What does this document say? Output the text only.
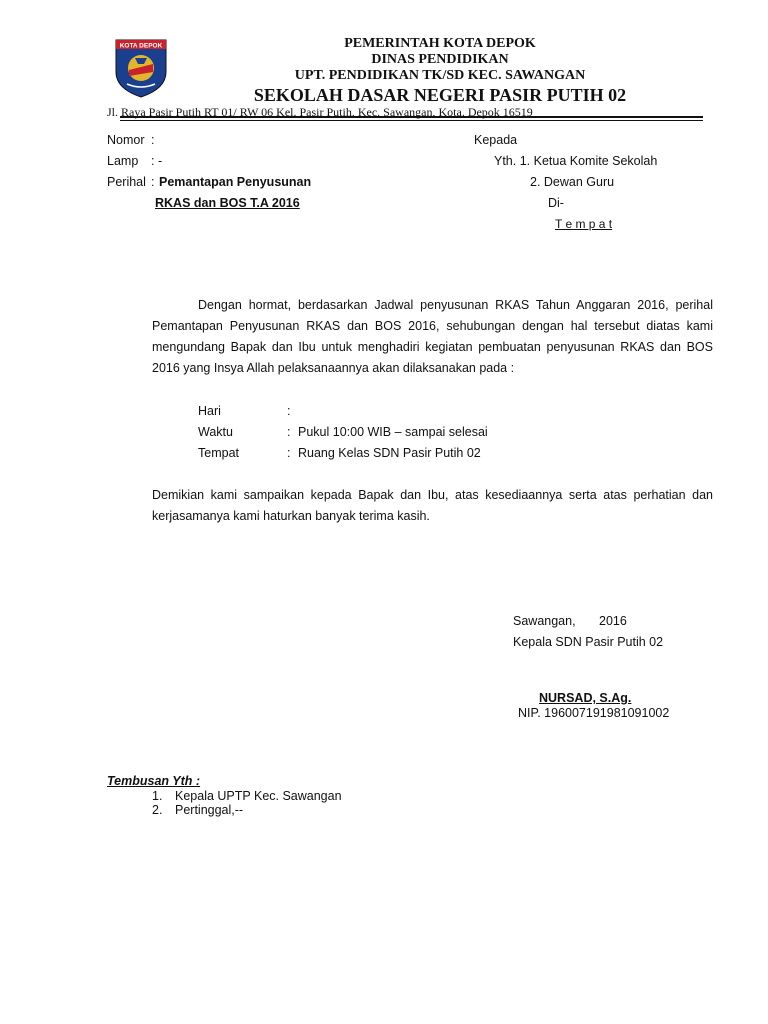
KOTA DEPOK	PEMERINTAH KOTA DEPOK
DINAS PENDIDIKAN
UPT. PENDIDIKAN TK/SD KEC. SAWANGAN
SEKOLAH DASAR NEGERI PASIR PUTIH 02
Jl. Raya Pasir Putih RT 01/ RW 06 Kel. Pasir Putih, Kec. Sawangan, Kota. Depok 16519
Nomor :
Lamp : -
Perihal : Pemantapan Penyusunan
RKAS dan BOS T.A 2016
Kepada
Yth. 1. Ketua Komite Sekolah
2. Dewan Guru
Di-
T e m p a t
Dengan hormat, berdasarkan Jadwal penyusunan RKAS Tahun Anggaran 2016, perihal Pemantapan Penyusunan RKAS dan BOS 2016, sehubungan dengan hal tersebut diatas kami mengundang Bapak dan Ibu untuk menghadiri kegiatan pembuatan penyusunan RKAS dan BOS 2016 yang Insya Allah pelaksanaannya akan dilaksanakan pada :
Hari	:
Waktu	: Pukul 10:00 WIB – sampai selesai
Tempat	: Ruang Kelas SDN Pasir Putih 02
Demikian kami sampaikan kepada Bapak dan Ibu, atas kesediaannya serta atas perhatian dan kerjasamanya kami haturkan banyak terima kasih.
Sawangan, 2016
Kepala SDN Pasir Putih 02
NURSAD, S.Ag.
NIP. 196007191981091002
Tembusan Yth :
1. Kepala UPTP Kec. Sawangan
2. Pertinggal,--
